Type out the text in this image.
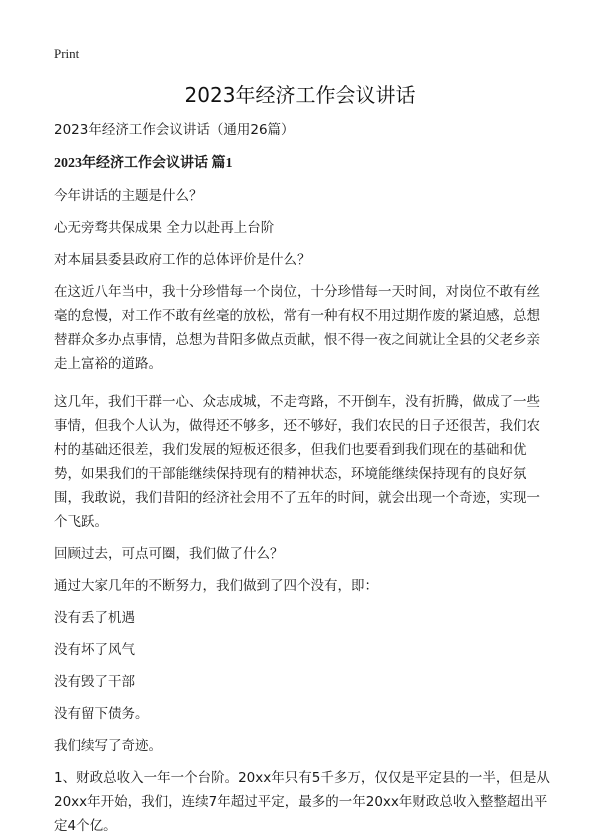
Print
2023年经济工作会议讲话

2023年经济工作会议讲话（通用26篇）

2023年经济工作会议讲话 篇1

今年讲话的主题是什么？

心无旁骛共保成果 全力以赴再上台阶

对本届县委县政府工作的总体评价是什么？

在这近八年当中，我十分珍惜每一个岗位，十分珍惜每一天时间，对岗位不敢有丝毫的怠慢，对工作不敢有丝毫的放松，常有一种有权不用过期作废的紧迫感，总想替群众多办点事情，总想为昔阳多做点贡献，恨不得一夜之间就让全县的父老乡亲走上富裕的道路。

这几年，我们干群一心、众志成城，不走弯路，不开倒车，没有折腾，做成了一些事情，但我个人认为，做得还不够多，还不够好，我们农民的日子还很苦，我们农村的基础还很差，我们发展的短板还很多，但我们也要看到我们现在的基础和优势，如果我们的干部能继续保持现有的精神状态，环境能继续保持现有的良好氛围，我敢说，我们昔阳的经济社会用不了五年的时间，就会出现一个奇迹，实现一个飞跃。

回顾过去，可点可圈，我们做了什么？

通过大家几年的不断努力，我们做到了四个没有，即：

没有丢了机遇

没有坏了风气

没有毁了干部

没有留下债务。

我们续写了奇迹。

1、财政总收入一年一个台阶。20xx年只有5千多万，仅仅是平定县的一半，但是从20xx年开始，我们，连续7年超过平定，最多的一年20xx年财政总收入整整超出平定4个亿。
